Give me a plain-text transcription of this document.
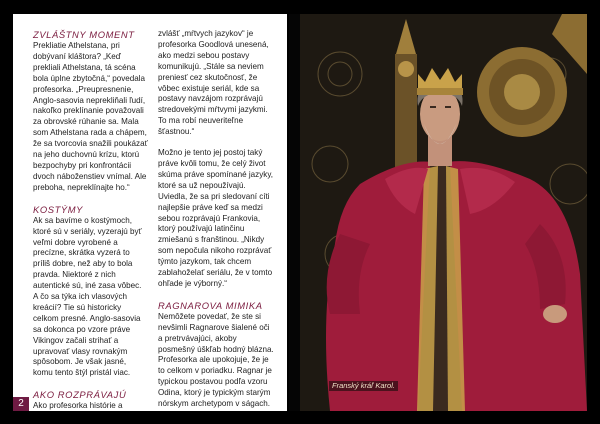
ZVLÁŠTNY MOMENT

Prekliatie Athelstana, pri dobývaní kláštora? „Keď prekliali Athelstana, tá scéna bola úplne zbytočná,“ povedala profesorka. „Preupresnenie, Anglo-sasovia neprekliňali ľudí, nakoľko preklínanie považovali za obrovské rúhanie sa. Mala som Athelstana rada a chápem, že sa tvorcovia snažili poukázať na jeho duchovnú krízu, ktorú bezpochyby pri konfrontácii dvoch náboženstiev vnímal. Ale preboha, nepreklínajte ho.“

KOSTÝMY

Ak sa bavíme o kostýmoch, ktoré sú v seriály, vyzerajú byť veľmi dobre vyrobené a precízne, skrátka vyzerá to príliš dobre, než aby to bola pravda. Niektoré z nich autentické sú, iné zasa vôbec. A čo sa týka ich vlasových kreácií? Tie sú historicky celkom presné. Anglo-sasovia sa dokonca po vzore práve Vikingov začali strihať a upravovať vlasy rovnakým spôsobom. Je však jasné, komu tento štýl pristál viac.

AKO ROZPRÁVAJÚ

Ako profesorka histórie a

zvlášť „mŕtvych jazykov“ je profesorka Goodlová unesená, ako medzi sebou postavy komunikujú. „Stále sa neviem preniesť cez skutočnosť, že vôbec existuje seriál, kde sa postavy navzájom rozprávajú stredovekými mŕtvymi jazykmi. To ma robí neuveriteľne šťastnou.“

Možno je tento jej postoj taký práve kvôli tomu, že celý život skúma práve spomínané jazyky, ktoré sa už nepoužívajú. Uviedla, že sa pri sledovaní cíti najlepšie práve keď sa medzi sebou rozprávajú Frankovia, ktorý používajú latinčinu zmiešanú s franštinou. „Nikdy som nepočula nikoho rozprávať týmto jazykom, tak chcem zablahoželať seriálu, že v tomto ohľade je výborný.“

RAGNAROVA MIMIKA

Nemôžete povedať, že ste si nevšimli Ragnarove šialené oči a pretrvávajúci, akoby posmešný úškľab hodný blázna. Profesorka ale upokojuje, že je to celkom v poriadku. Ragnar je typickou postavou podľa vzoru Odina, ktorý je typickým starým nórskym archetypom v ságach.

2
Franský kráľ Karol.
